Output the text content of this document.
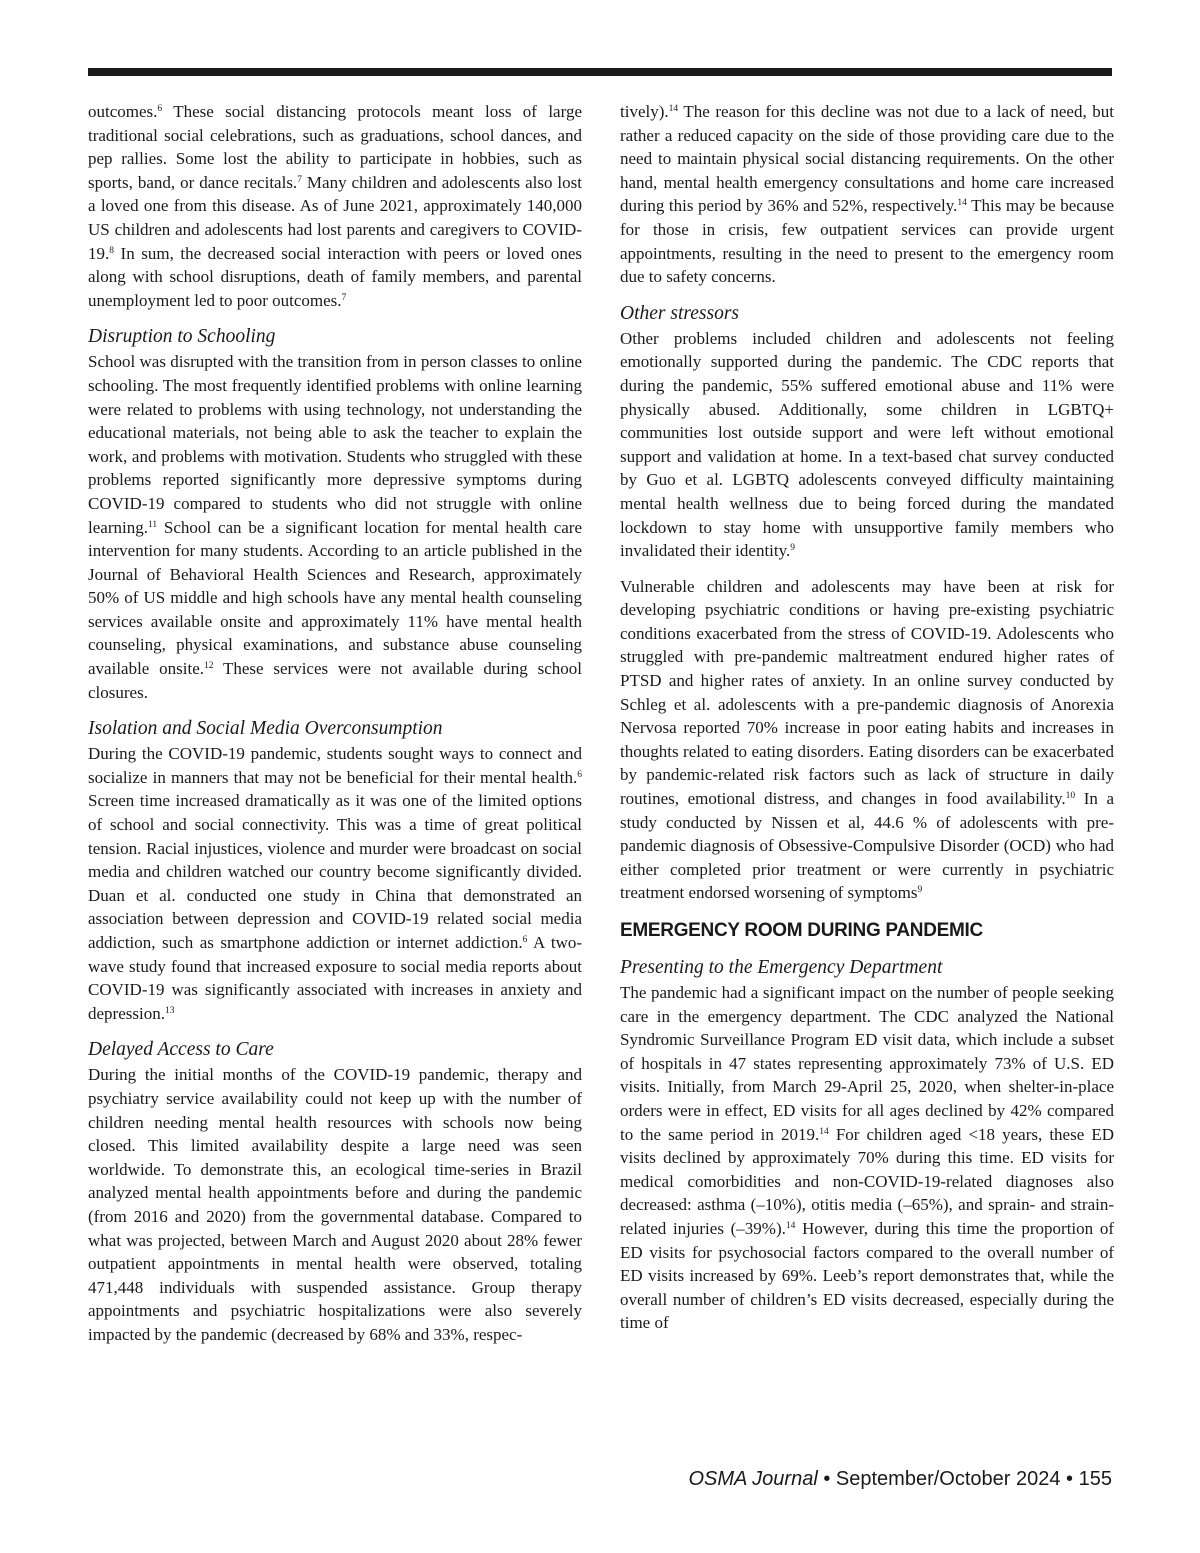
outcomes.$^6$ These social distancing protocols meant loss of large traditional social celebrations, such as graduations, school dances, and pep rallies. Some lost the ability to participate in hobbies, such as sports, band, or dance recitals.$^7$ Many children and adolescents also lost a loved one from this disease. As of June 2021, approximately 140,000 US children and adolescents had lost parents and caregivers to COVID-19.$^8$ In sum, the decreased social interaction with peers or loved ones along with school disruptions, death of family members, and parental unemployment led to poor outcomes.$^7$

Disruption to Schooling

School was disrupted with the transition from in person classes to online schooling. The most frequently identified problems with online learning were related to problems with using technology, not understanding the educational materials, not being able to ask the teacher to explain the work, and problems with motivation. Students who struggled with these problems reported significantly more depressive symptoms during COVID-19 compared to students who did not struggle with online learning.$^{11}$ School can be a significant location for mental health care intervention for many students. According to an article published in the Journal of Behavioral Health Sciences and Research, approximately 50% of US middle and high schools have any mental health counseling services available onsite and approximately 11% have mental health counseling, physical examinations, and substance abuse counseling available onsite.$^{12}$ These services were not available during school closures.

Isolation and Social Media Overconsumption

During the COVID-19 pandemic, students sought ways to connect and socialize in manners that may not be beneficial for their mental health.$^6$ Screen time increased dramatically as it was one of the limited options of school and social connectivity. This was a time of great political tension. Racial injustices, violence and murder were broadcast on social media and children watched our country become significantly divided. Duan et al. conducted one study in China that demonstrated an association between depression and COVID-19 related social media addiction, such as smartphone addiction or internet addiction.$^6$ A two-wave study found that increased exposure to social media reports about COVID-19 was significantly associated with increases in anxiety and depression.$^{13}$

Delayed Access to Care

During the initial months of the COVID-19 pandemic, therapy and psychiatry service availability could not keep up with the number of children needing mental health resources with schools now being closed. This limited availability despite a large need was seen worldwide. To demonstrate this, an ecological time-series in Brazil analyzed mental health appointments before and during the pandemic (from 2016 and 2020) from the governmental database. Compared to what was projected, between March and August 2020 about 28% fewer outpatient appointments in mental health were observed, totaling 471,448 individuals with suspended assistance. Group therapy appointments and psychiatric hospitalizations were also severely impacted by the pandemic (decreased by 68% and 33%, respec-

tively).$^{14}$ The reason for this decline was not due to a lack of need, but rather a reduced capacity on the side of those providing care due to the need to maintain physical social distancing requirements. On the other hand, mental health emergency consultations and home care increased during this period by 36% and 52%, respectively.$^{14}$ This may be because for those in crisis, few outpatient services can provide urgent appointments, resulting in the need to present to the emergency room due to safety concerns.

Other stressors

Other problems included children and adolescents not feeling emotionally supported during the pandemic. The CDC reports that during the pandemic, 55% suffered emotional abuse and 11% were physically abused. Additionally, some children in LGBTQ+ communities lost outside support and were left without emotional support and validation at home. In a text-based chat survey conducted by Guo et al. LGBTQ adolescents conveyed difficulty maintaining mental health wellness due to being forced during the mandated lockdown to stay home with unsupportive family members who invalidated their identity.$^9$

Vulnerable children and adolescents may have been at risk for developing psychiatric conditions or having pre-existing psychiatric conditions exacerbated from the stress of COVID-19. Adolescents who struggled with pre-pandemic maltreatment endured higher rates of PTSD and higher rates of anxiety. In an online survey conducted by Schleg et al. adolescents with a pre-pandemic diagnosis of Anorexia Nervosa reported 70% increase in poor eating habits and increases in thoughts related to eating disorders. Eating disorders can be exacerbated by pandemic-related risk factors such as lack of structure in daily routines, emotional distress, and changes in food availability.$^{10}$ In a study conducted by Nissen et al, 44.6 % of adolescents with pre-pandemic diagnosis of Obsessive-Compulsive Disorder (OCD) who had either completed prior treatment or were currently in psychiatric treatment endorsed worsening of symptoms$^9$

EMERGENCY ROOM DURING PANDEMIC
Presenting to the Emergency Department

The pandemic had a significant impact on the number of people seeking care in the emergency department. The CDC analyzed the National Syndromic Surveillance Program ED visit data, which include a subset of hospitals in 47 states representing approximately 73% of U.S. ED visits. Initially, from March 29-April 25, 2020, when shelter-in-place orders were in effect, ED visits for all ages declined by 42% compared to the same period in 2019.14 For children aged <18 years, these ED visits declined by approximately 70% during this time. ED visits for medical comorbidities and non-COVID-19-related diagnoses also decreased: asthma (–10%), otitis media (–65%), and sprain- and strain-related injuries (–39%).$^{14}$ However, during this time the proportion of ED visits for psychosocial factors compared to the overall number of ED visits increased by 69%. Leeb’s report demonstrates that, while the overall number of children’s ED visits decreased, especially during the time of

OSMA Journal • September/October 2024 • 155
